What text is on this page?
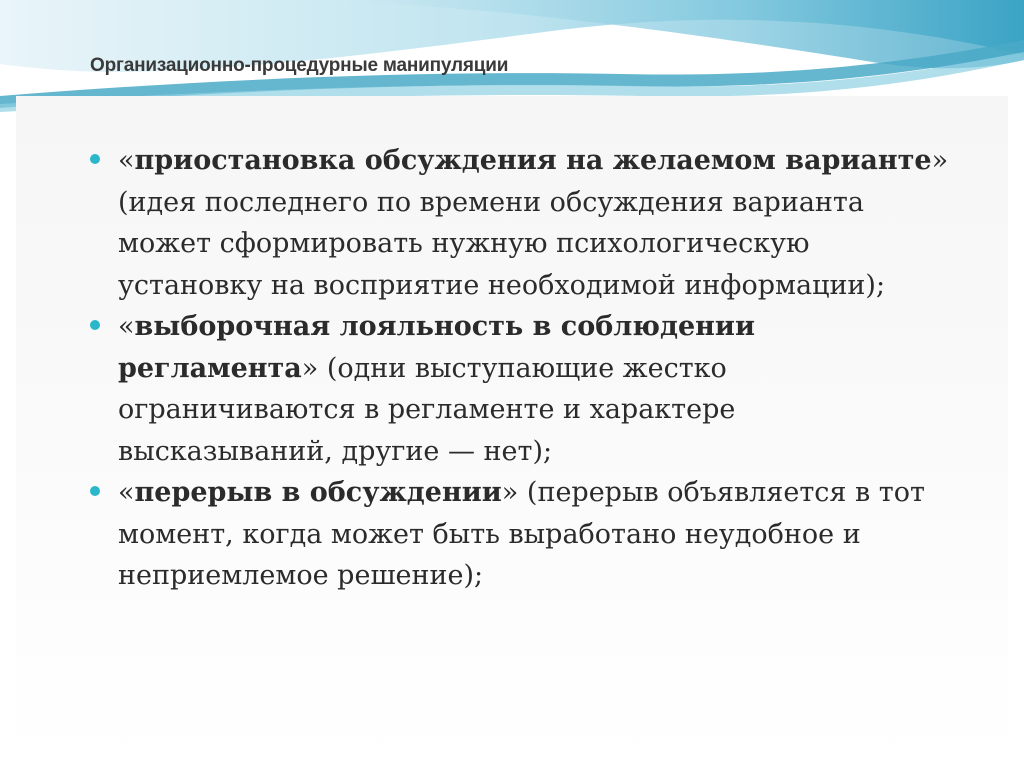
Организационно-процедурные манипуляции
«приостановка обсуждения на желаемом варианте» (идея последнего по времени обсуждения варианта может сформировать нужную психологическую установку на восприятие необходимой информации);
«выборочная лояльность в соблюдении регламента» (одни выступающие жестко ограничиваются в регламенте и характере высказываний, другие — нет);
«перерыв в обсуждении» (перерыв объявляется в тот момент, когда может быть выработано неудобное и неприемлемое решение);
